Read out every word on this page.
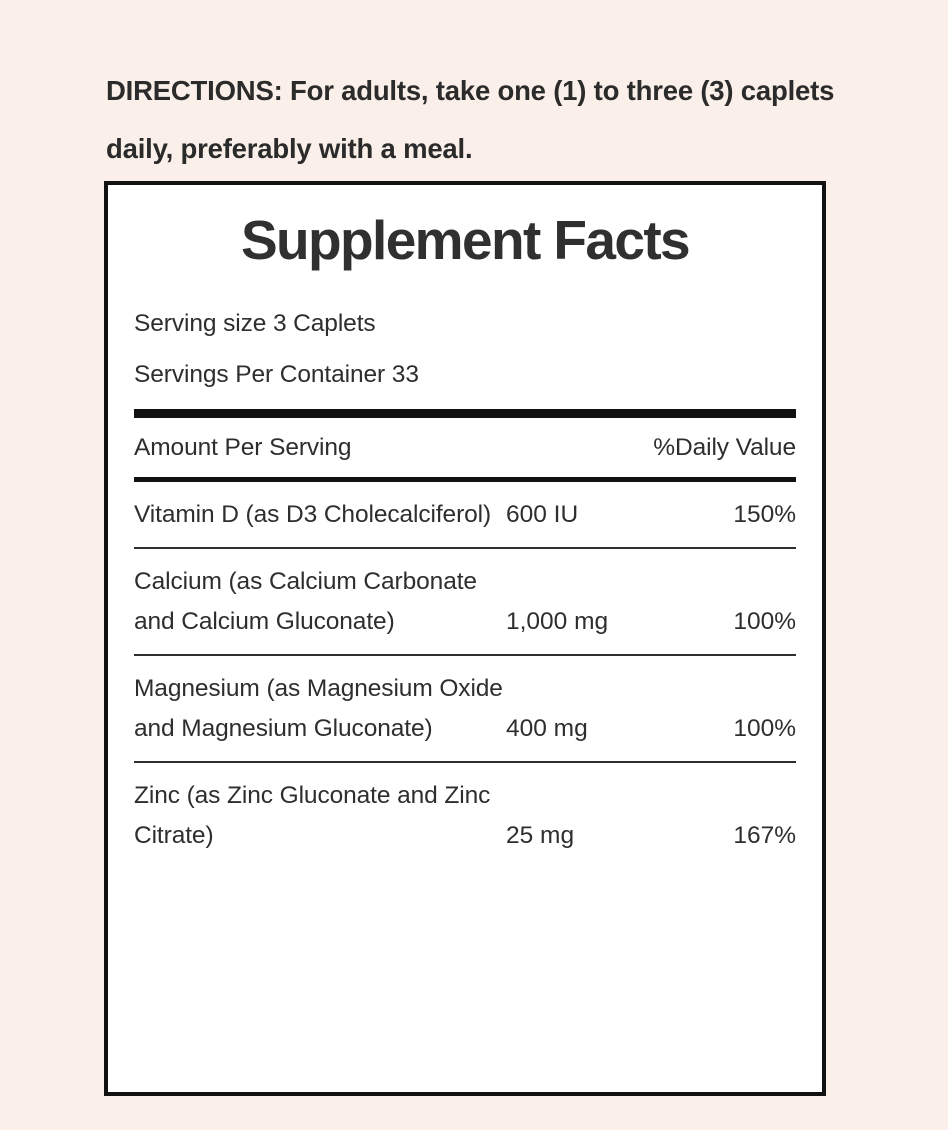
DIRECTIONS: For adults, take one (1) to three (3) caplets daily, preferably with a meal.

Supplement Facts
Serving size 3 Caplets
Servings Per Container 33
Amount Per Serving	%Daily Value
Vitamin D (as D3 Cholecalciferol) 600 IU	150%
Calcium (as Calcium Carbonate and Calcium Gluconate)	1,000 mg	100%
Magnesium (as Magnesium Oxide and Magnesium Gluconate)	400 mg	100%
Zinc (as Zinc Gluconate and Zinc Citrate)	25 mg	167%
